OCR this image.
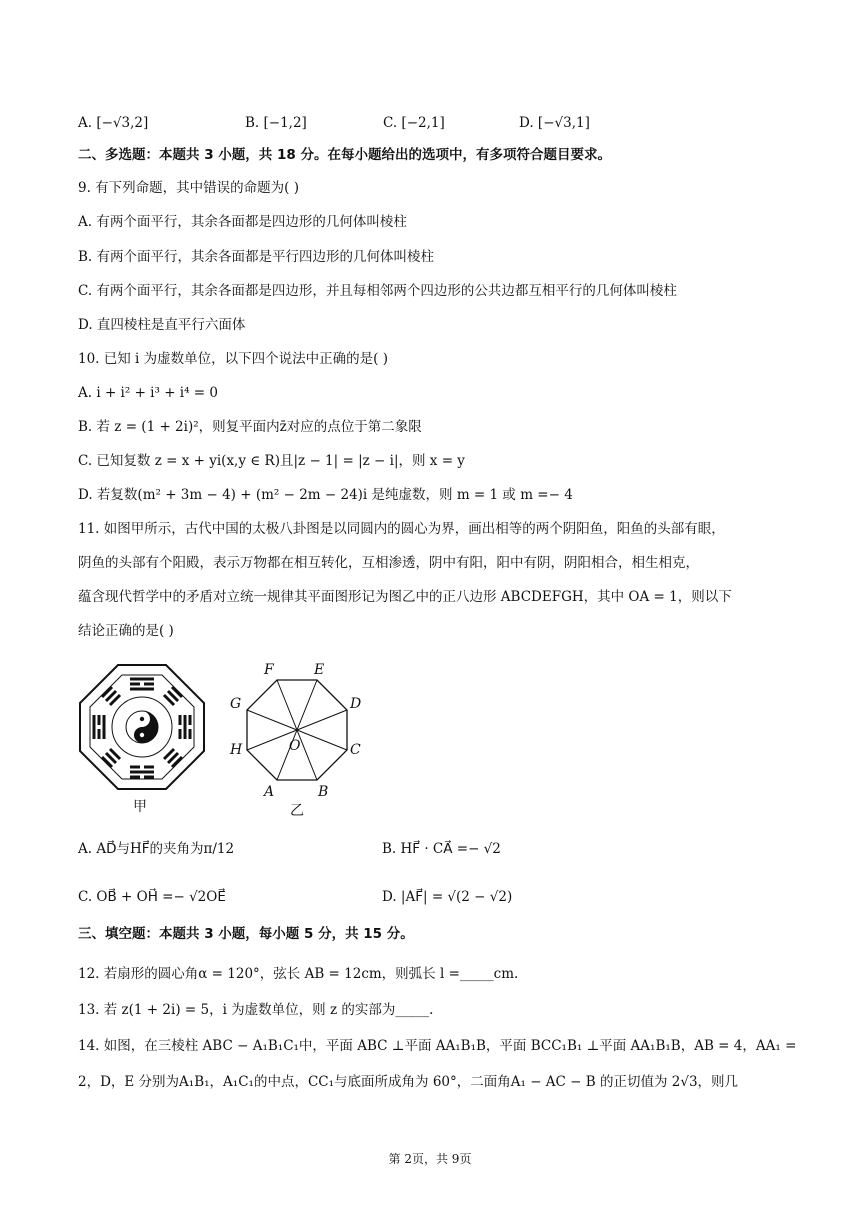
A. [−√3,2]	B. [−1,2]	C. [−2,1]	D. [−√3,1]
二、多选题：本题共 3 小题，共 18 分。在每小题给出的选项中，有多项符合题目要求。
9. 有下列命题，其中错误的命题为( )
A. 有两个面平行，其余各面都是四边形的几何体叫棱柱
B. 有两个面平行，其余各面都是平行四边形的几何体叫棱柱
C. 有两个面平行，其余各面都是四边形，并且每相邻两个四边形的公共边都互相平行的几何体叫棱柱
D. 直四棱柱是直平行六面体
10. 已知 i 为虚数单位，以下四个说法中正确的是( )
A. i + i² + i³ + i⁴ = 0
B. 若 z = (1 + 2i)²，则复平面内z̄对应的点位于第二象限
C. 已知复数 z = x + yi(x,y ∈ R)且|z − 1| = |z − i|，则 x = y
D. 若复数(m² + 3m − 4) + (m² − 2m − 24)i 是纯虚数，则 m = 1 或 m =− 4
11. 如图甲所示，古代中国的太极八卦图是以同圆内的圆心为界，画出相等的两个阴阳鱼，阳鱼的头部有眼，
阴鱼的头部有个阳殿，表示万物都在相互转化，互相渗透，阴中有阳，阳中有阴，阴阳相合，相生相克，
蕴含现代哲学中的矛盾对立统一规律其平面图形记为图乙中的正八边形 ABCDEFGH，其中 OA = 1，则以下
结论正确的是( )
甲
A	B
C
D
E
F
G
H	O
乙
A. AD⃗与HF⃗的夹角为π/12	B. HF⃗ · CA⃗ =− √2
C. OB⃗ + OH⃗ =− √2OE⃗	D. |AF⃗| = √(2 − √2)
三、填空题：本题共 3 小题，每小题 5 分，共 15 分。
12. 若扇形的圆心角α = 120°，弦长 AB = 12cm，则弧长 l =_____cm.
13. 若 z(1 + 2i) = 5，i 为虚数单位，则 z 的实部为_____.
14. 如图，在三棱柱 ABC − A₁B₁C₁中，平面 ABC ⊥平面 AA₁B₁B，平面 BCC₁B₁ ⊥平面 AA₁B₁B，AB = 4，AA₁ =
2，D，E 分别为A₁B₁，A₁C₁的中点，CC₁与底面所成角为 60°，二面角A₁ − AC − B 的正切值为 2√3，则几
第 2页，共 9页
